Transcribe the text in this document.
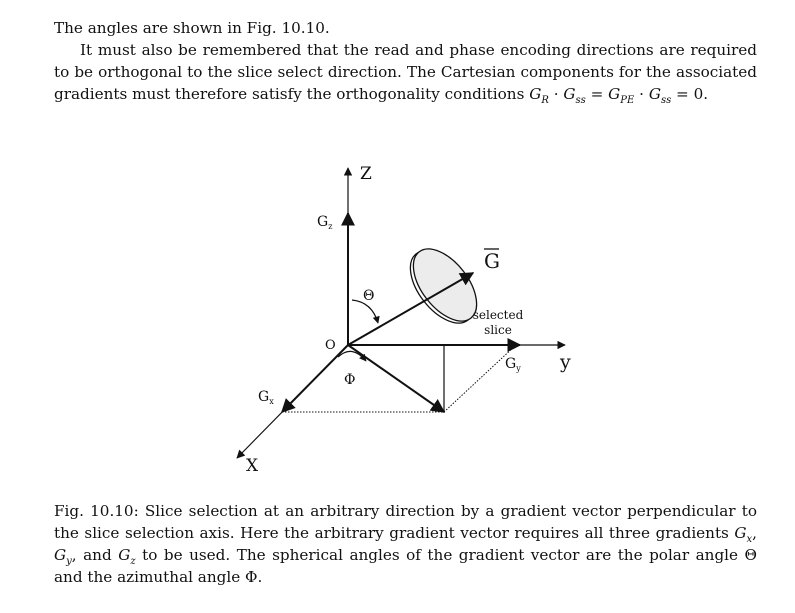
The angles are shown in Fig. 10.10.

It must also be remembered that the read and phase encoding directions are required to be orthogonal to the slice select direction. The Cartesian components for the associated gradients must therefore satisfy the orthogonality conditions $G_R \cdot G_{ss} = G_{PE} \cdot G_{ss} = 0$.

Z
y
X
O
$G_z$
$G_y$
$G_x$
G
Θ
Φ
selected
slice

Fig. 10.10: Slice selection at an arbitrary direction by a gradient vector perpendicular to the slice selection axis. Here the arbitrary gradient vector requires all three gradients $G_x$, $G_y$, and $G_z$ to be used. The spherical angles of the gradient vector are the polar angle Θ and the azimuthal angle Φ.
